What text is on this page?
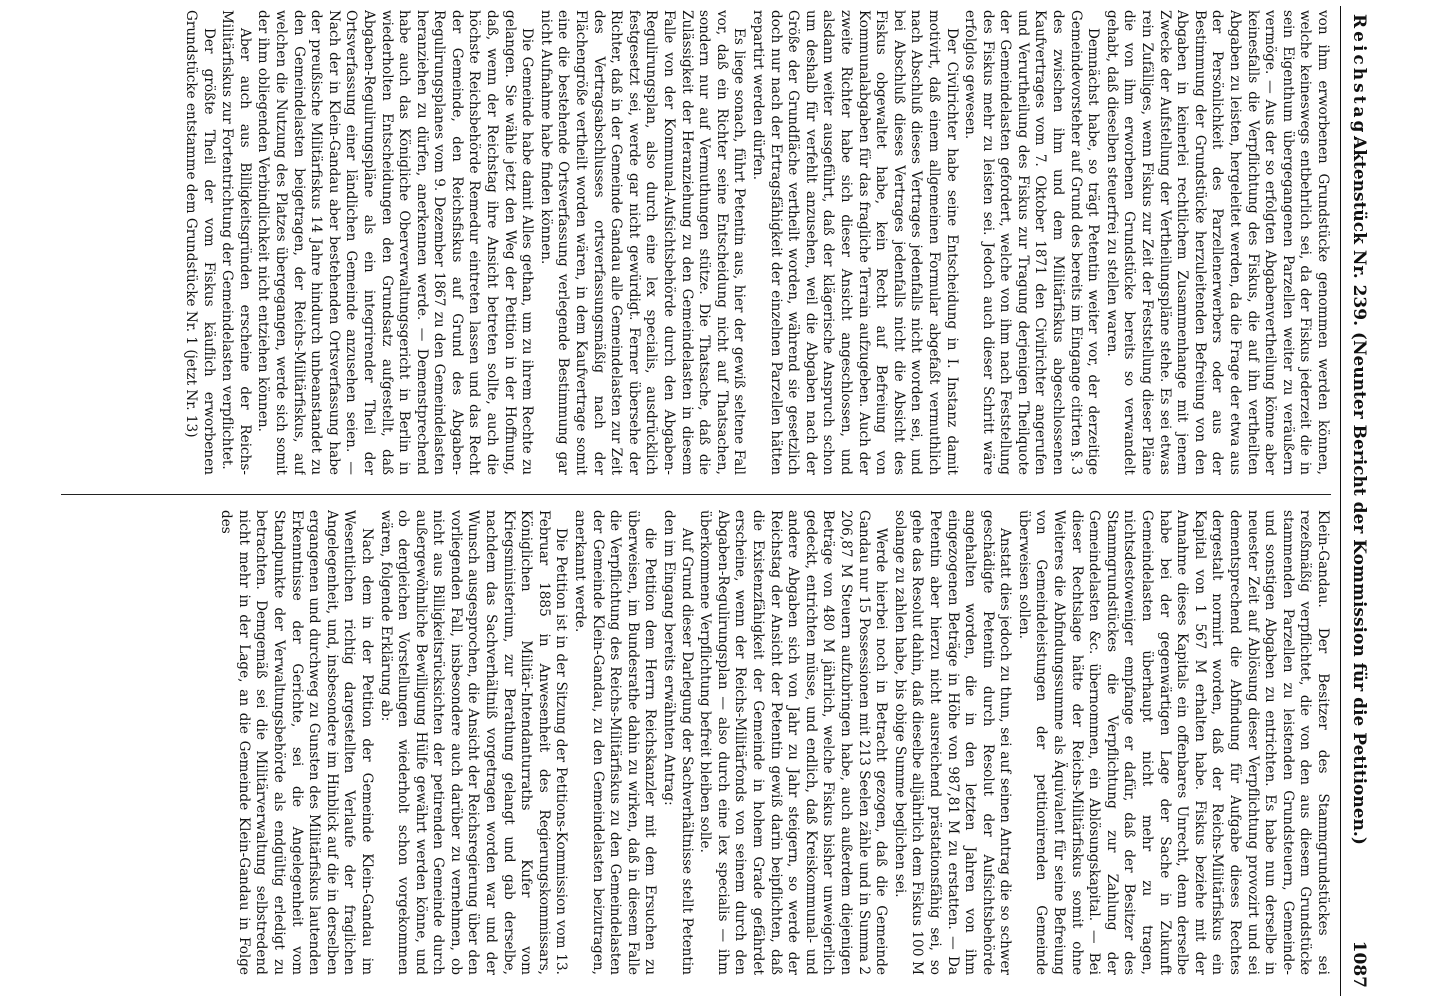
Reichstag.
Aktenstück Nr. 239. (Neunter Bericht der Kommission für die Petitionen.)
1087

von ihm erworbenen Grundstücke genommen werden können, welche keineswegs entbehrlich sei, da der Fiskus jederzeit die in sein Eigenthum übergegangenen Parzellen weiter zu veräußern vermöge. — Aus der so erfolgten Abgabenvertheilung könne aber keinesfalls die Verpflichtung des Fiskus, die auf ihn vertheilten Abgaben zu leisten, hergeleitet werden, da die Frage der etwa aus der Persönlichkeit des Parzellenerwerbers oder aus der Bestimmung der Grundstücke herzuleitenden Befreiung von den Abgaben in keinerlei rechtlichem Zusammenhange mit jenem Zwecke der Aufstellung der Vertheilungspläne stehe. Es sei etwas rein Zufälliges, wenn Fiskus zur Zeit der Feststellung dieser Pläne die von ihm erworbenen Grundstücke bereits so verwandelt gehabt, daß dieselben steuerfrei zu stellen waren.

Demnächst habe, so trägt Petentin weiter vor, der derzeitige Gemeindevorsteher auf Grund des bereits im Eingange citirten §. 3 des zwischen ihm und dem Militärfiskus abgeschlossenen Kaufvertrages vom 7. Oktober 1871 den Civilrichter angerufen und Verurtheilung des Fiskus zur Tragung derjenigen Theilquote der Gemeindelasten gefordert, welche von ihm nach Feststellung des Fiskus mehr zu leisten sei. Jedoch auch dieser Schritt wäre erfolglos gewesen.

Der Civilrichter habe seine Entscheidung in I. Instanz damit motivirt, daß einem allgemeinen Formular abgefaßt vermuthlich nach Abschluß dieses Vertrages jedenfalls nicht worden sei, und bei Abschluß dieses Vertrages jedenfalls nicht die Absicht des Fiskus obgewaltet habe, kein Recht auf Befreiung von Kommunalabgaben für das fragliche Terrain aufzugeben. Auch der zweite Richter habe sich dieser Ansicht angeschlossen, und alsdann weiter ausgeführt, daß der klägerische Anspruch schon um deshalb für verfehlt anzusehen, weil die Abgaben nach der Größe der Grundfläche vertheilt worden, während sie gesetzlich doch nur nach der Ertragsfähigkeit der einzelnen Parzellen hätten repartirt werden dürfen.

Es liege sonach, führt Petentin aus, hier der gewiß seltene Fall vor, daß ein Richter seine Entscheidung nicht auf Thatsachen, sondern nur auf Vermuthungen stütze. Die Thatsache, daß die Zulässigkeit der Heranziehung zu den Gemeindelasten in diesem Falle von der Kommunal-Aufsichtsbehörde durch den Abgaben-Regulirungsplan, also durch eine lex specialis, ausdrücklich festgesetzt sei, werde gar nicht gewürdigt. Ferner übersehe der Richter, daß in der Gemeinde Gandau alle Gemeindelasten zur Zeit des Vertragsabschlusses ortsverfassungsmäßig nach der Flächengröße vertheilt worden wären, in dem Kaufvertrage somit eine die bestehende Ortsverfassung verlegende Bestimmung gar nicht Aufnahme habe finden können.

Die Gemeinde habe damit Alles gethan, um zu ihrem Rechte zu gelangen. Sie wähle jetzt den Weg der Petition in der Hoffnung, daß, wenn der Reichstag ihre Ansicht betreten sollte, auch die höchste Reichsbehörde Remedur eintreten lassen und das Recht der Gemeinde, den Reichsfiskus auf Grund des Abgaben-Regulirungsplanes vom 9. Dezember 1867 zu den Gemeindelasten heranziehen zu dürfen, anerkennen werde. — Demenstprechend habe auch das Königliche Oberverwaltungsgericht in Berlin in wiederholten Entscheidungen den Grundsatz aufgestellt, daß Abgaben-Regulirungspläne als ein integrirender Theil der Ortsverfassung einer ländlichen Gemeinde anzusehen seien. — Nach der in Klein-Gandau aber bestehenden Ortsverfassung habe der preußische Militärfiskus 14 Jahre hindurch unbeanstandet zu den Gemeindelasten beigetragen, der Reichs-Militärfiskus, auf welchen die Nutzung des Platzes übergegangen, werde sich somit der ihm obliegenden Verbindlichkeit nicht entziehen können.

Aber auch aus Billigkeitsgründen erscheine der Reichs-Militärfiskus zur Fortentrichtung der Gemeindelasten verpflichtet.

Der größte Theil der vom Fiskus käuflich erworbenen Grundstücke entstamme dem Grundstücke Nr. 1 (jetzt Nr. 13)

Klein-Gandau. Der Besitzer des Stammgrundstückes sei rezeßmäßig verpflichtet, die von den aus diesem Grundstücke stammenden Parzellen zu leistenden Grundsteuern, Gemeinde- und sonstigen Abgaben zu entrichten. Es habe nun derselbe in neuester Zeit auf Ablösung dieser Verpflichtung provozirt und sei dementsprechend die Abfindung für Aufgabe dieses Rechtes dergestalt normirt worden, daß der Reichs-Militärfiskus ein Kapital von 1 567 M erhalten habe. Fiskus beziehe mit der Annahme dieses Kapitals ein offenbares Unrecht, denn derselbe habe bei der gegenwärtigen Lage der Sache in Zukunft Gemeindelasten überhaupt nicht mehr zu tragen, nichtsdestoweniger empfange er dafür, daß der Besitzer des Stammgrundstückes die Verpflichtung zur Zahlung der Gemeindelasten &c. übernommen, ein Ablösungskapital. — Bei dieser Rechtslage hätte der Reichs-Militärfiskus somit ohne Weiteres die Abfindungssumme als Äquivalent für seine Befreiung von Gemeindeleistungen der petitionirenden Gemeinde überweisen sollen.

Anstatt dies jedoch zu thun, sei auf seinen Antrag die so schwer geschädigte Petentin durch Resolut der Aufsichtsbehörde angehalten worden, die in den letzten Jahren von ihm eingezogenen Beträge in Höhe von 987,81 M zu erstatten. — Da Petentin aber hierzu nicht ausreichend prästationsfähig sei, so gehe das Resolut dahin, daß dieselbe alljährlich dem Fiskus 100 M solange zu zahlen habe, bis obige Summe beglichen sei.

Werde hierbei noch in Betracht gezogen, daß die Gemeinde Gandau nur 15 Possessionen mit 213 Seelen zähle und in Summa 2 206,87 M Steuern aufzubringen habe, auch außerdem diejenigen Beträge von 480 M jährlich, welche Fiskus bisher unweigerlich gedeckt, entrichten müsse, und endlich, daß Kreiskommunal- und andere Abgaben sich von Jahr zu Jahr steigern, so werde der Reichstag der Ansicht der Petentin gewiß darin beipflichten, daß die Existenzfähigkeit der Gemeinde in hohem Grade gefährdet erscheine, wenn der Reichs-Militärfonds von seinem durch den Abgaben-Regulirungsplan — also durch eine lex specialis — ihm überkommene Verpflichtung befreit bleiben solle.

Auf Grund dieser Darlegung der Sachverhältnisse stellt Petentin den im Eingang bereits erwähnten Antrag:

die Petition dem Herrn Reichskanzler mit dem Ersuchen zu überweisen, im Bundesrathe dahin zu wirken, daß in diesem Falle die Verpflichtung des Reichs-Militärfiskus zu den Gemeindelasten der Gemeinde Klein-Gandau, zu den Gemeindelasten beizutragen, anerkannt werde.

Die Petition ist in der Sitzung der Petitions-Kommission vom 13. Februar 1885 in Anwesenheit des Regierungskommissars, Königlichen Militär-Intendanturraths Kufer vom Kriegsministerium, zur Berathung gelangt und gab derselbe, nachdem das Sachverhältniß vorgetragen worden war und der Wunsch ausgesprochen, die Ansicht der Reichsregierung über den vorliegenden Fall, insbesondere auch darüber zu vernehmen, ob nicht aus Billigkeitsrücksichten der petirenden Gemeinde durch außergewöhnliche Bewilligung Hülfe gewährt werden könne, und ob dergleichen Vorstellungen wiederholt schon vorgekommen wären, folgende Erklärung ab:

Nach dem in der Petition der Gemeinde Klein-Gandau im Wesentlichen richtig dargestellten Verlaufe der fraglichen Angelegenheit, und, insbesondere im Hinblick auf die in derselben ergangenen und durchweg zu Gunsten des Militärfiskus lautenden Erkenntnisse der Gerichte, sei die Angelegenheit vom Standpunkte der Verwaltungsbehörde als endgültig erledigt zu betrachten. Demgemäß sei die Militärverwaltung selbstredend nicht mehr in der Lage, an die Gemeinde Klein-Gandau in Folge des
